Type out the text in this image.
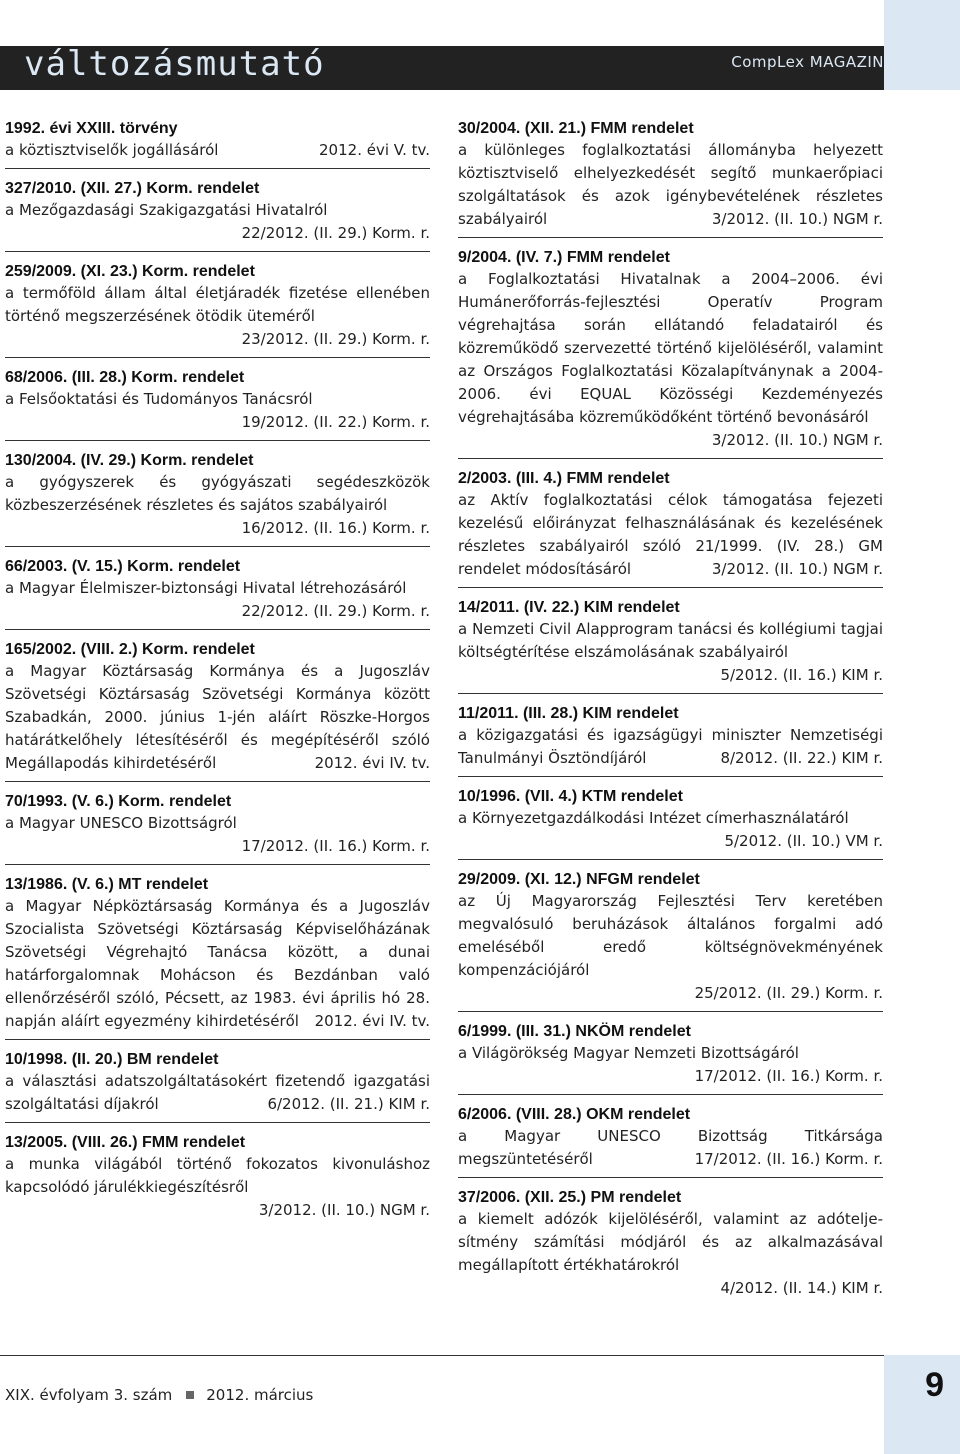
változásmutató	CompLex MAGAZIN
1992. évi XXIII. törvény
a köztisztviselők jogállásáról	2012. évi V. tv.
327/2010. (XII. 27.) Korm. rendelet
a Mezőgazdasági Szakigazgatási Hivatalról
22/2012. (II. 29.) Korm. r.
259/2009. (XI. 23.) Korm. rendelet
a termőföld állam által életjáradék fizetése ellenében történő megszerzésének ötödik üteméről
23/2012. (II. 29.) Korm. r.
68/2006. (III. 28.) Korm. rendelet
a Felsőoktatási és Tudományos Tanácsról
19/2012. (II. 22.) Korm. r.
130/2004. (IV. 29.) Korm. rendelet
a gyógyszerek és gyógyászati segédeszközök közbeszerzésének részletes és sajátos szabályairól
16/2012. (II. 16.) Korm. r.
66/2003. (V. 15.) Korm. rendelet
a Magyar Élelmiszer-biztonsági Hivatal létrehozásáról
22/2012. (II. 29.) Korm. r.
165/2002. (VIII. 2.) Korm. rendelet
a Magyar Köztársaság Kormánya és a Jugoszláv Szövetségi Köztársaság Szövetségi Kormánya között Szabadkán, 2000. június 1-jén aláírt Röszke-Horgos határátkelőhely létesítéséről és megépítéséről szóló Megállapodás kihirdetéséről	2012. évi IV. tv.
70/1993. (V. 6.) Korm. rendelet
a Magyar UNESCO Bizottságról
17/2012. (II. 16.) Korm. r.
13/1986. (V. 6.) MT rendelet
a Magyar Népköztársaság Kormánya és a Jugoszláv Szocialista Szövetségi Köztársaság Képviselőházának Szövetségi Végrehajtó Tanácsa között, a dunai határforgalomnak Mohácson és Bezdánban való ellenőrzéséről szóló, Pécsett, az 1983. évi április hó 28. napján aláírt egyezmény kihirdetéséről 2012. évi IV. tv.
10/1998. (II. 20.) BM rendelet
a választási adatszolgáltatásokért fizetendő igazgatási szolgáltatási díjakról	6/2012. (II. 21.) KIM r.
13/2005. (VIII. 26.) FMM rendelet
a munka világából történő fokozatos kivonuláshoz kapcsolódó járulékkiegészítésről
3/2012. (II. 10.) NGM r.
30/2004. (XII. 21.) FMM rendelet
a különleges foglalkoztatási állományba helyezett köztisztviselő elhelyezkedését segítő munkaerőpiaci szolgáltatások és azok igénybevételének részletes szabályairól	3/2012. (II. 10.) NGM r.
9/2004. (IV. 7.) FMM rendelet
a Foglalkoztatási Hivatalnak a 2004–2006. évi Humánerőforrás-fejlesztési Operatív Program végrehajtása során ellátandó feladatairól és közreműködő szervezetté történő kijelöléséről, valamint az Országos Foglalkoztatási Közalapítványnak a 2004-2006. évi EQUAL Közösségi Kezdeményezés végrehajtásába közreműködőként történő bevonásáról
3/2012. (II. 10.) NGM r.
2/2003. (III. 4.) FMM rendelet
az Aktív foglalkoztatási célok támogatása fejezeti kezelésű előirányzat felhasználásának és kezelésének részletes szabályairól szóló 21/1999. (IV. 28.) GM rendelet módosításáról	3/2012. (II. 10.) NGM r.
14/2011. (IV. 22.) KIM rendelet
a Nemzeti Civil Alapprogram tanácsi és kollégiumi tagjai költségtérítése elszámolásának szabályairól
5/2012. (II. 16.) KIM r.
11/2011. (III. 28.) KIM rendelet
a közigazgatási és igazságügyi miniszter Nemzetiségi Tanulmányi Ösztöndíjáról	8/2012. (II. 22.) KIM r.
10/1996. (VII. 4.) KTM rendelet
a Környezetgazdálkodási Intézet címerhasználatáról
5/2012. (II. 10.) VM r.
29/2009. (XI. 12.) NFGM rendelet
az Új Magyarország Fejlesztési Terv keretében megvalósuló beruházások általános forgalmi adó emeléséből eredő költségnövekményének kompenzációjáról
25/2012. (II. 29.) Korm. r.
6/1999. (III. 31.) NKÖM rendelet
a Világörökség Magyar Nemzeti Bizottságáról
17/2012. (II. 16.) Korm. r.
6/2006. (VIII. 28.) OKM rendelet
a Magyar UNESCO Bizottság Titkársága megszüntetéséről	17/2012. (II. 16.) Korm. r.
37/2006. (XII. 25.) PM rendelet
a kiemelt adózók kijelöléséről, valamint az adóteljesítmény számítási módjáról és az alkalmazásával megállapított értékhatárokról
4/2012. (II. 14.) KIM r.
XIX. évfolyam 3. szám 2012. március	9
